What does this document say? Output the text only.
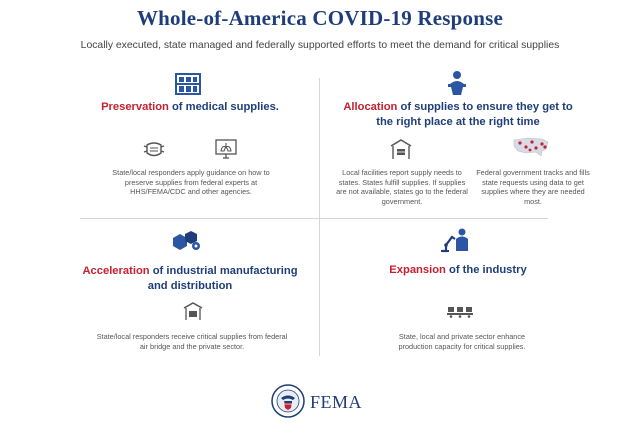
Whole-of-America COVID-19 Response
Locally executed, state managed and federally supported efforts to meet the demand for critical supplies
Preservation of medical supplies.
State/local responders apply guidance on how to preserve supplies from federal experts at HHS/FEMA/CDC and other agencies.
Allocation of supplies to ensure they get to the right place at the right time
Local facilities report supply needs to states. States fulfill supplies. If supplies are not available, states go to the federal government.
Federal government tracks and fills state requests using data to get supplies where they are needed most.
Acceleration of industrial manufacturing and distribution
State/local responders receive critical supplies from federal air bridge and the private sector.
Expansion of the industry
State, local and private sector enhance production capacity for critical supplies.
FEMA
